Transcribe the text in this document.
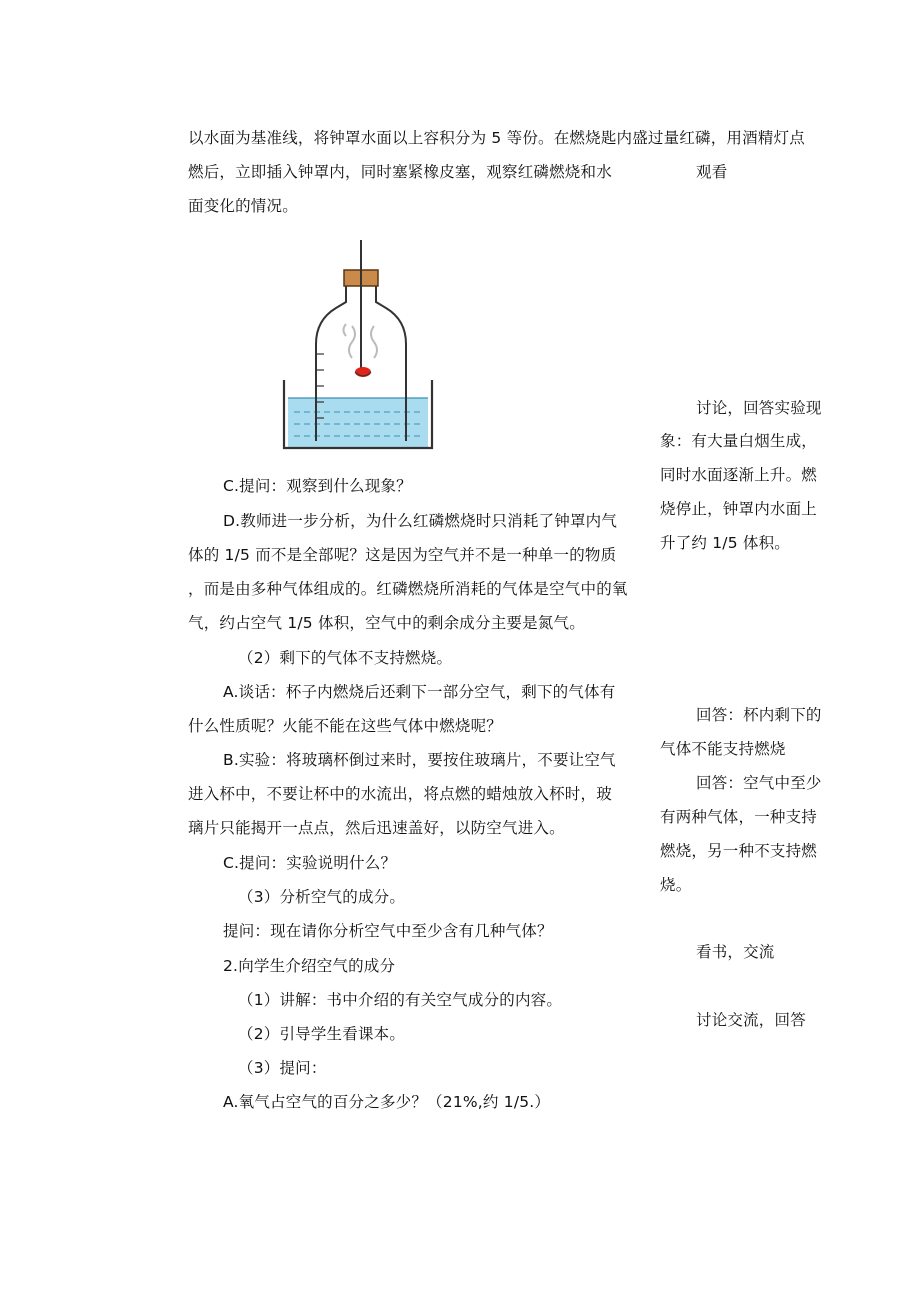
以水面为基准线，将钟罩水面以上容积分为 5 等份。在燃烧匙内盛过量红磷，用酒精灯点
燃后，立即插入钟罩内，同时塞紧橡皮塞，观察红磷燃烧和水
面变化的情况。
C.提问：观察到什么现象？
D.教师进一步分析，为什么红磷燃烧时只消耗了钟罩内气
体的 1/5 而不是全部呢？这是因为空气并不是一种单一的物质
，而是由多种气体组成的。红磷燃烧所消耗的气体是空气中的氧
气，约占空气 1/5 体积，空气中的剩余成分主要是氮气。
（2）剩下的气体不支持燃烧。
A.谈话：杯子内燃烧后还剩下一部分空气，剩下的气体有
什么性质呢？火能不能在这些气体中燃烧呢？
B.实验：将玻璃杯倒过来时，要按住玻璃片，不要让空气
进入杯中，不要让杯中的水流出，将点燃的蜡烛放入杯时，玻
璃片只能揭开一点点，然后迅速盖好，以防空气进入。
C.提问：实验说明什么？
（3）分析空气的成分。
提问：现在请你分析空气中至少含有几种气体？
2.向学生介绍空气的成分
（1）讲解：书中介绍的有关空气成分的内容。
（2）引导学生看课本。
（3）提问：
A.氧气占空气的百分之多少？（21%,约 1/5.）
观看
讨论，回答实验现
象：有大量白烟生成，
同时水面逐渐上升。燃
烧停止，钟罩内水面上
升了约 1/5 体积。
回答：杯内剩下的
气体不能支持燃烧
回答：空气中至少
有两种气体，一种支持
燃烧，另一种不支持燃
烧。
看书，交流
讨论交流，回答
